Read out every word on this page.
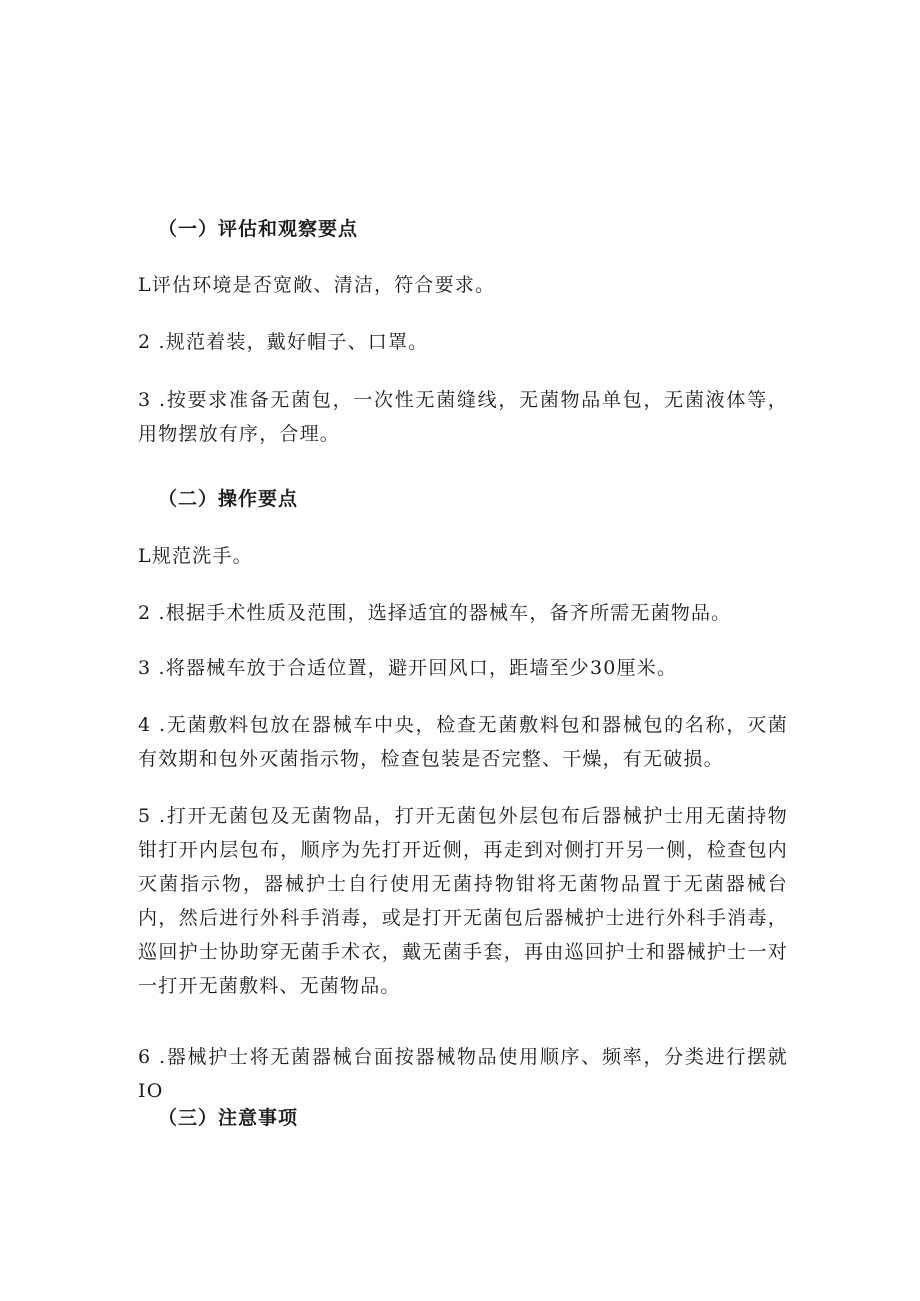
（一）评估和观察要点
L评估环境是否宽敞、清洁，符合要求。
2 .规范着装，戴好帽子、口罩。
3 .按要求准备无菌包，一次性无菌缝线，无菌物品单包，无菌液体等，用物摆放有序，合理。
（二）操作要点
L规范洗手。
2 .根据手术性质及范围，选择适宜的器械车，备齐所需无菌物品。
3 .将器械车放于合适位置，避开回风口，距墙至少30厘米。
4 .无菌敷料包放在器械车中央，检查无菌敷料包和器械包的名称，灭菌有效期和包外灭菌指示物，检查包装是否完整、干燥，有无破损。
5 .打开无菌包及无菌物品，打开无菌包外层包布后器械护士用无菌持物钳打开内层包布，顺序为先打开近侧，再走到对侧打开另一侧，检查包内灭菌指示物，器械护士自行使用无菌持物钳将无菌物品置于无菌器械台内，然后进行外科手消毒，或是打开无菌包后器械护士进行外科手消毒，巡回护士协助穿无菌手术衣，戴无菌手套，再由巡回护士和器械护士一对一打开无菌敷料、无菌物品。
6 .器械护士将无菌器械台面按器械物品使用顺序、频率，分类进行摆就IO
（三）注意事项
